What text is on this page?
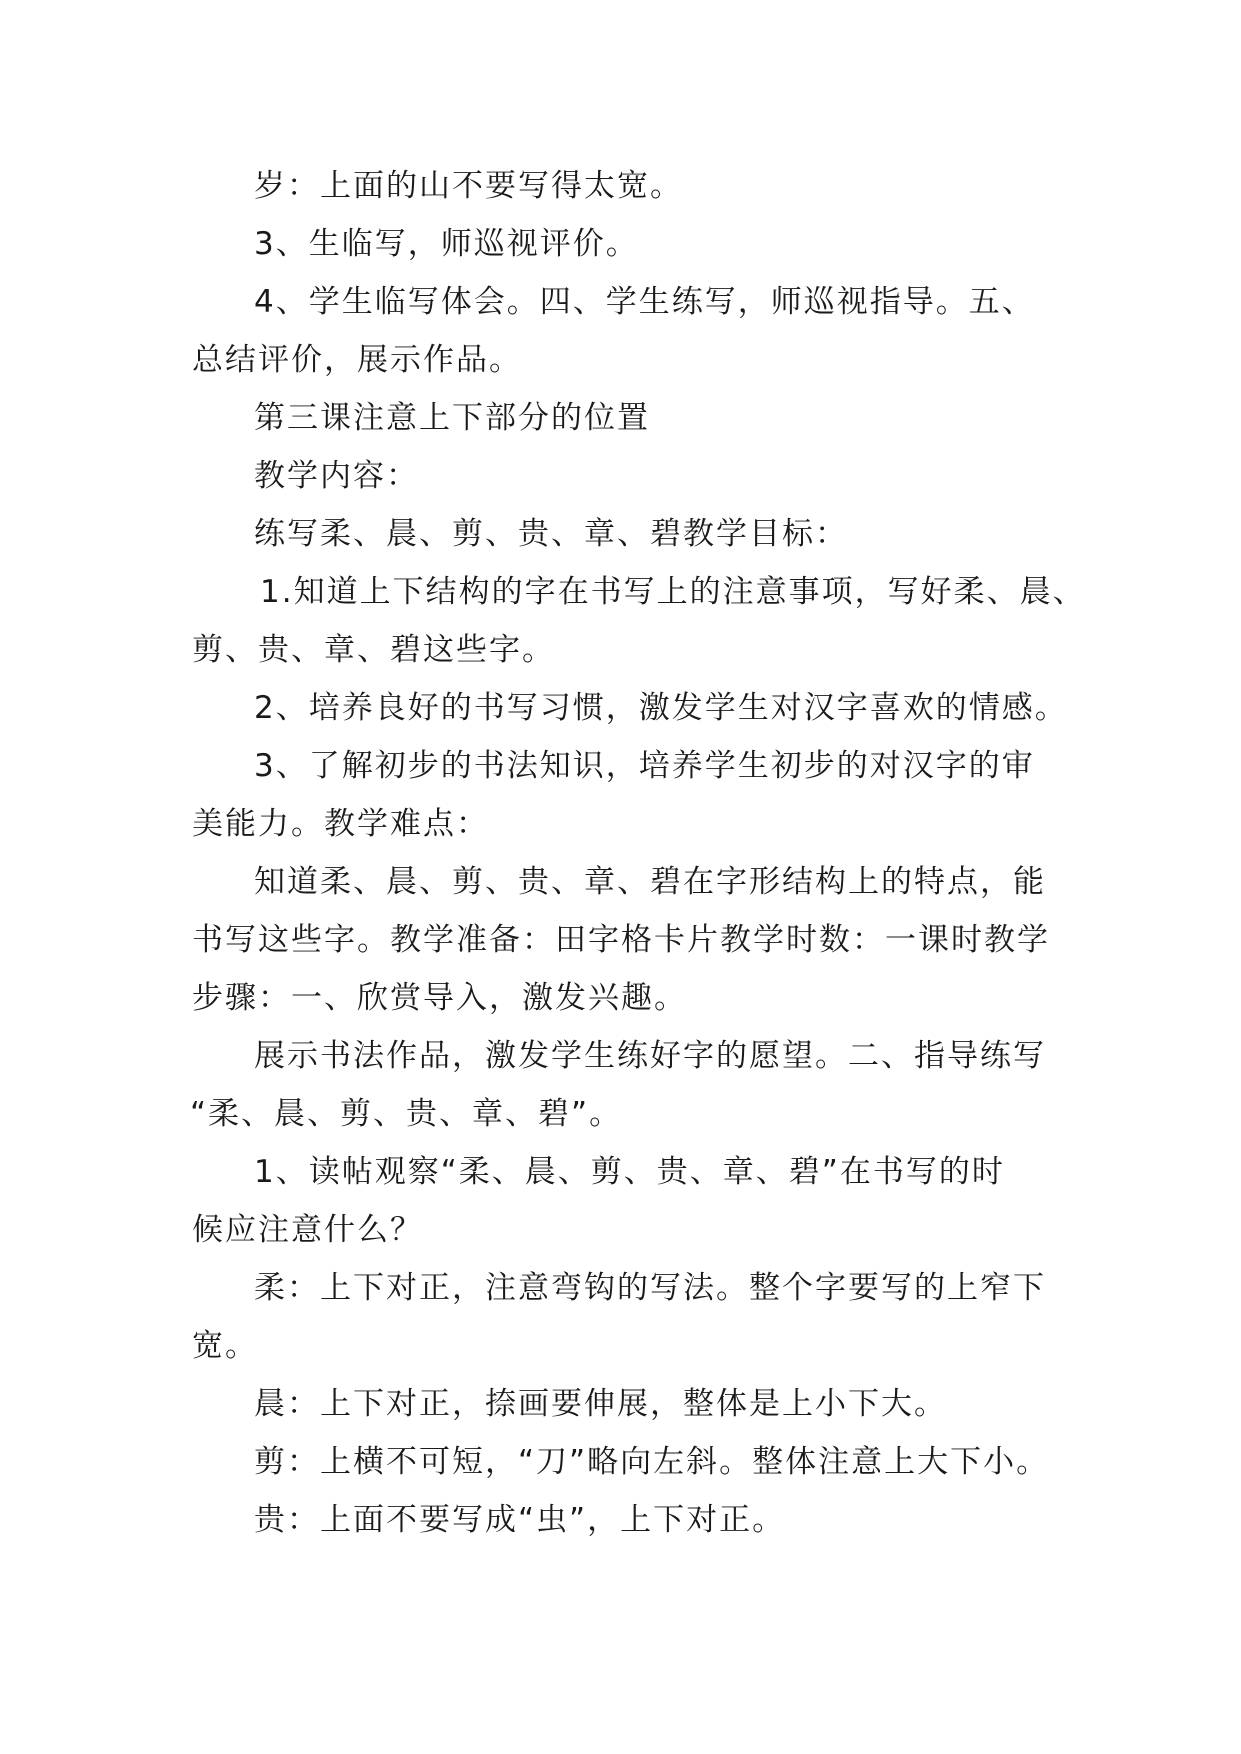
岁：上面的山不要写得太宽。
3、生临写，师巡视评价。
4、学生临写体会。四、学生练写，师巡视指导。五、
总结评价，展示作品。
第三课注意上下部分的位置
教学内容：
练写柔、晨、剪、贵、章、碧教学目标：
1.知道上下结构的字在书写上的注意事项，写好柔、晨、
剪、贵、章、碧这些字。
2、培养良好的书写习惯，激发学生对汉字喜欢的情感。
3、了解初步的书法知识，培养学生初步的对汉字的审
美能力。教学难点：
知道柔、晨、剪、贵、章、碧在字形结构上的特点，能
书写这些字。教学准备：田字格卡片教学时数：一课时教学
步骤：一、欣赏导入，激发兴趣。
展示书法作品，激发学生练好字的愿望。二、指导练写
“柔、晨、剪、贵、章、碧”。
1、读帖观察“柔、晨、剪、贵、章、碧”在书写的时
候应注意什么？
柔：上下对正，注意弯钩的写法。整个字要写的上窄下
宽。
晨：上下对正，捺画要伸展，整体是上小下大。
剪：上横不可短，“刀”略向左斜。整体注意上大下小。
贵：上面不要写成“虫”，上下对正。
